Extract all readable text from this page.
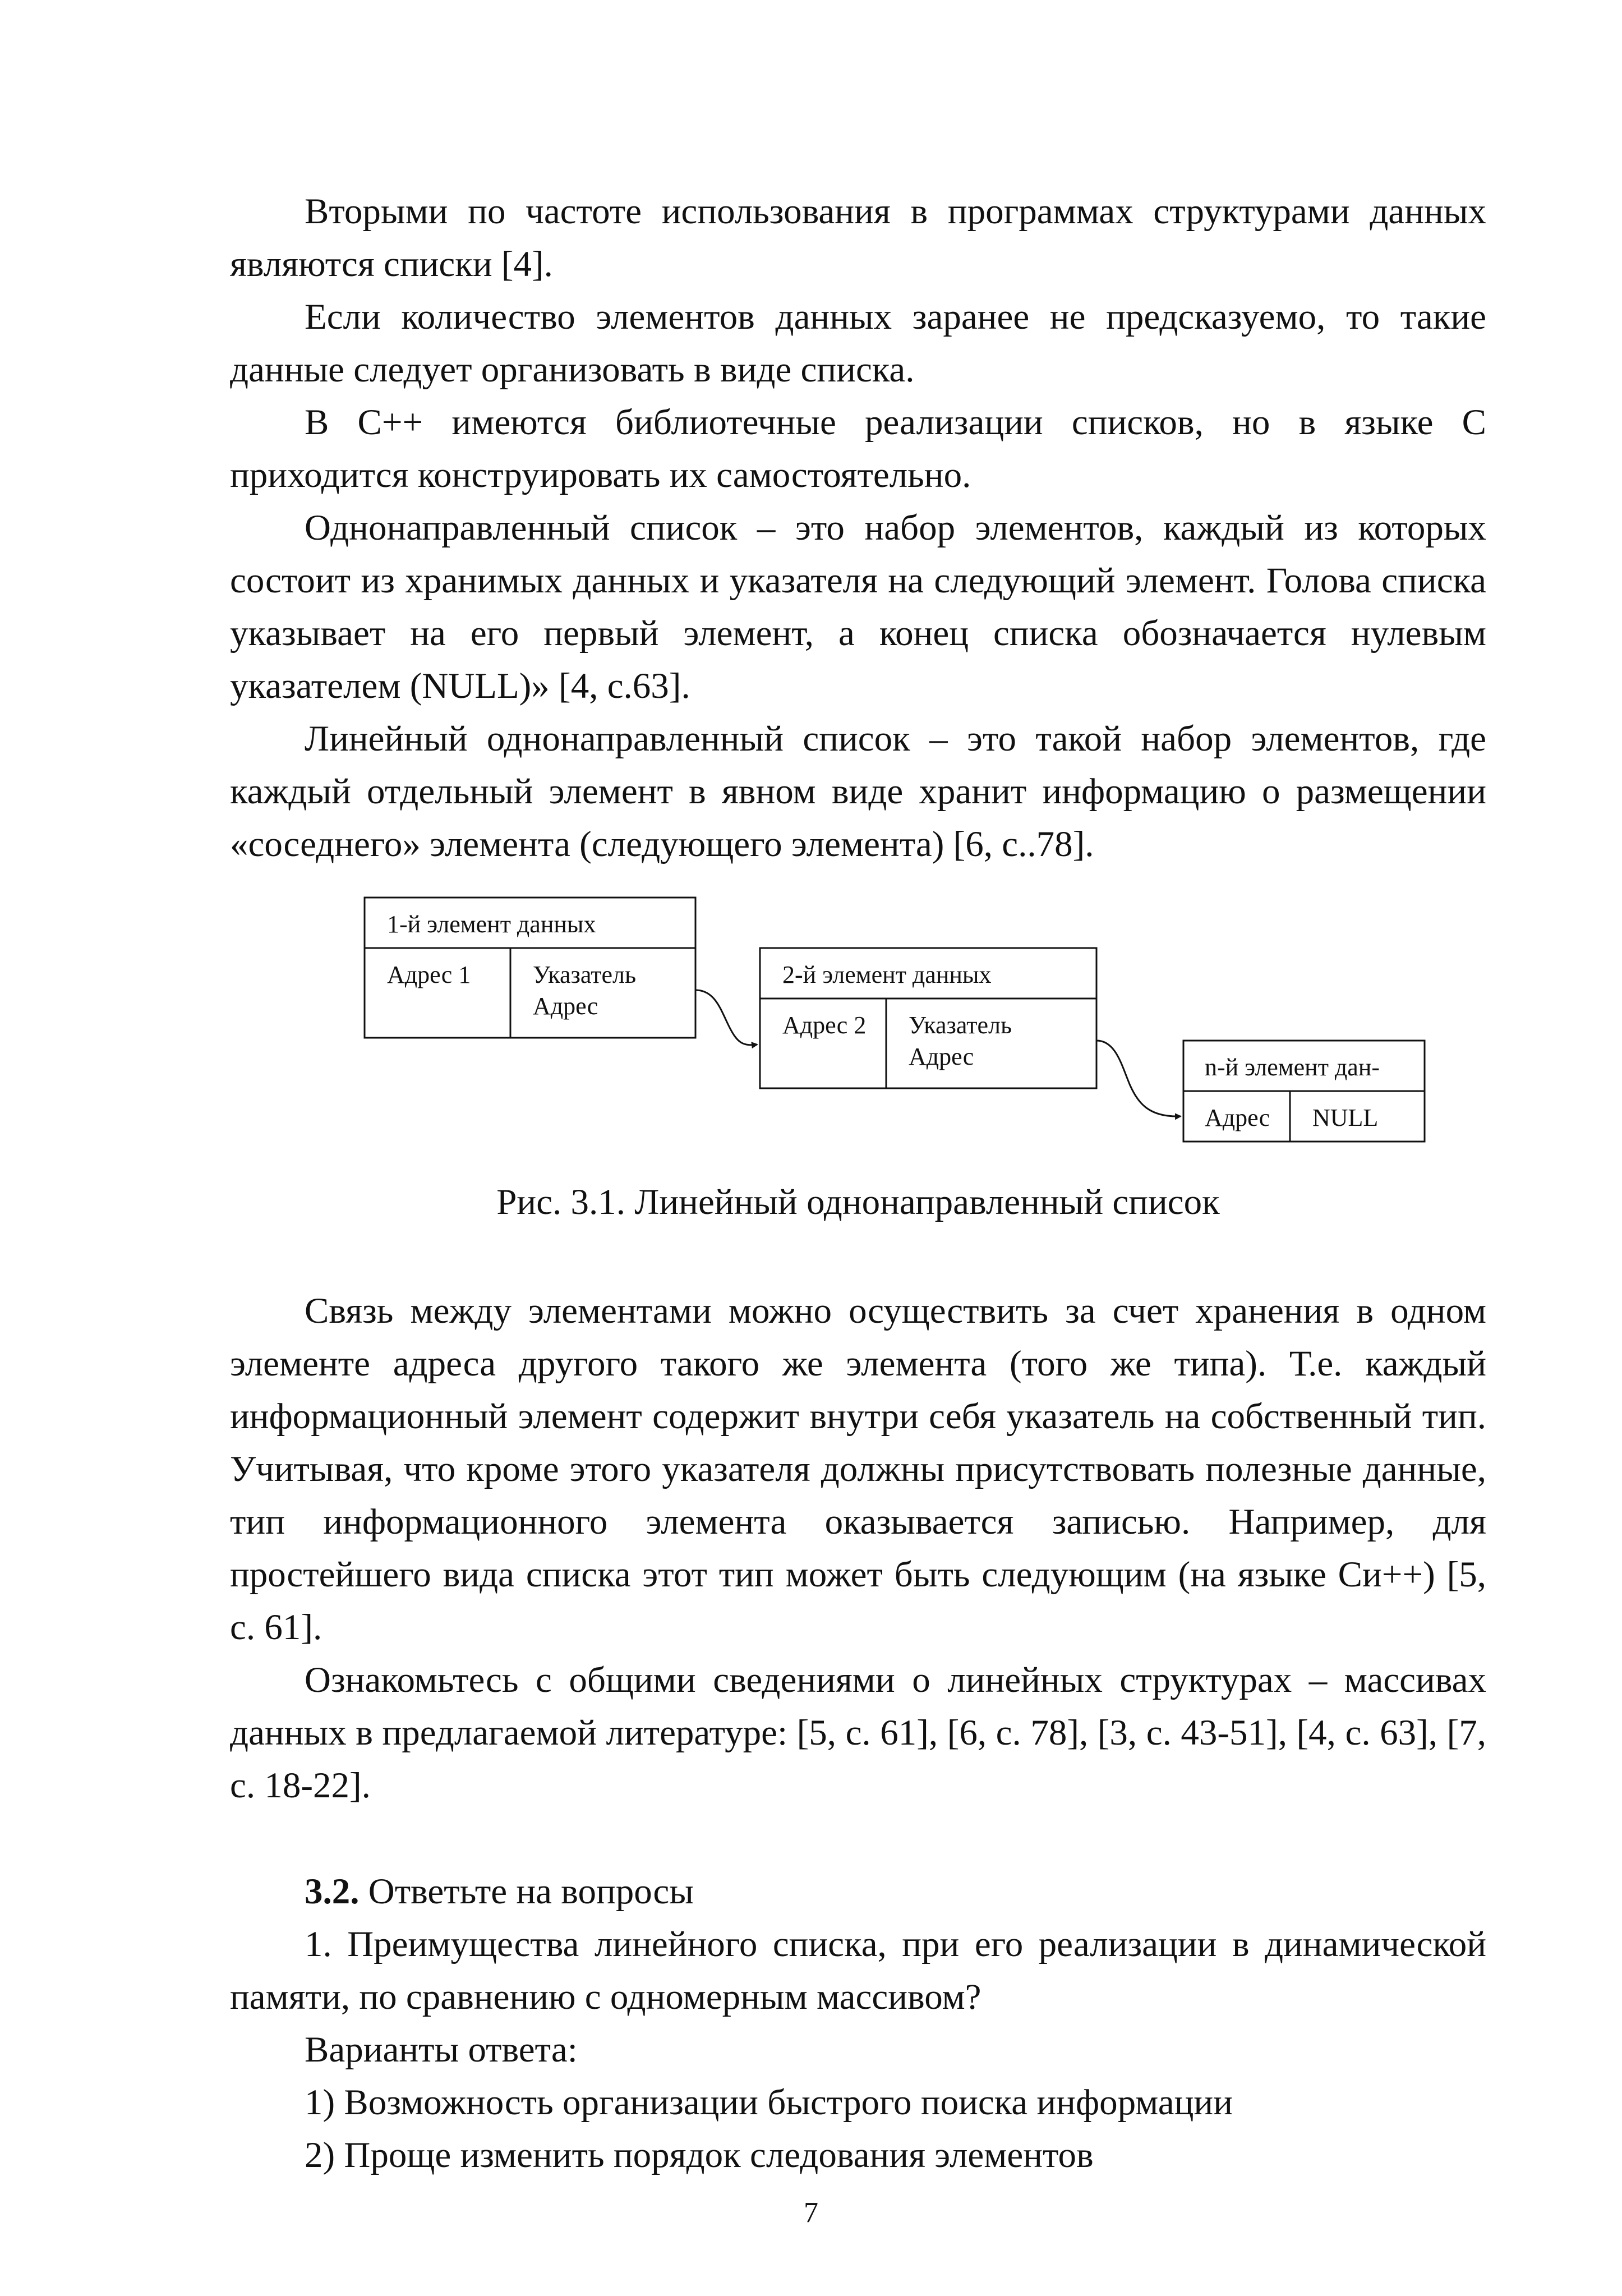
Вторыми по частоте использования в программах структурами данных являются списки [4].

Если количество элементов данных заранее не предсказуемо, то такие данные следует организовать в виде списка.

В С++ имеются библиотечные реализации списков, но в языке С приходится конструировать их самостоятельно.

Однонаправленный список – это набор элементов, каждый из которых состоит из хранимых данных и указателя на следующий элемент. Голова списка указывает на его первый элемент, а конец списка обозначается нулевым указателем (NULL)» [4, с.63].

Линейный однонаправленный список – это такой набор элементов, где каждый отдельный элемент в явном виде хранит информацию о размещении «соседнего» элемента (следующего элемента) [6, с..78].

1-й элемент данных
Адрес 1	Указатель
Адрес
2-й элемент данных
Адрес 2 Указатель
Адрес	n-й элемент дан-
Адрес NULL

Рис. 3.1. Линейный однонаправленный список

Связь между элементами можно осуществить за счет хранения в одном элементе адреса другого такого же элемента (того же типа). Т.е. каждый информационный элемент содержит внутри себя указатель на собственный тип. Учитывая, что кроме этого указателя должны присутствовать полезные данные, тип информационного элемента оказывается записью. Например, для простейшего вида списка этот тип может быть следующим (на языке Си++) [5, с. 61].

Ознакомьтесь с общими сведениями о линейных структурах – массивах данных в предлагаемой литературе: [5, с. 61], [6, с. 78], [3, с. 43-51], [4, с. 63], [7, с. 18-22].

3.2. Ответьте на вопросы

1. Преимущества линейного списка, при его реализации в динамической памяти, по сравнению с одномерным массивом?

Варианты ответа:

1) Возможность организации быстрого поиска информации

2) Проще изменить порядок следования элементов

7
